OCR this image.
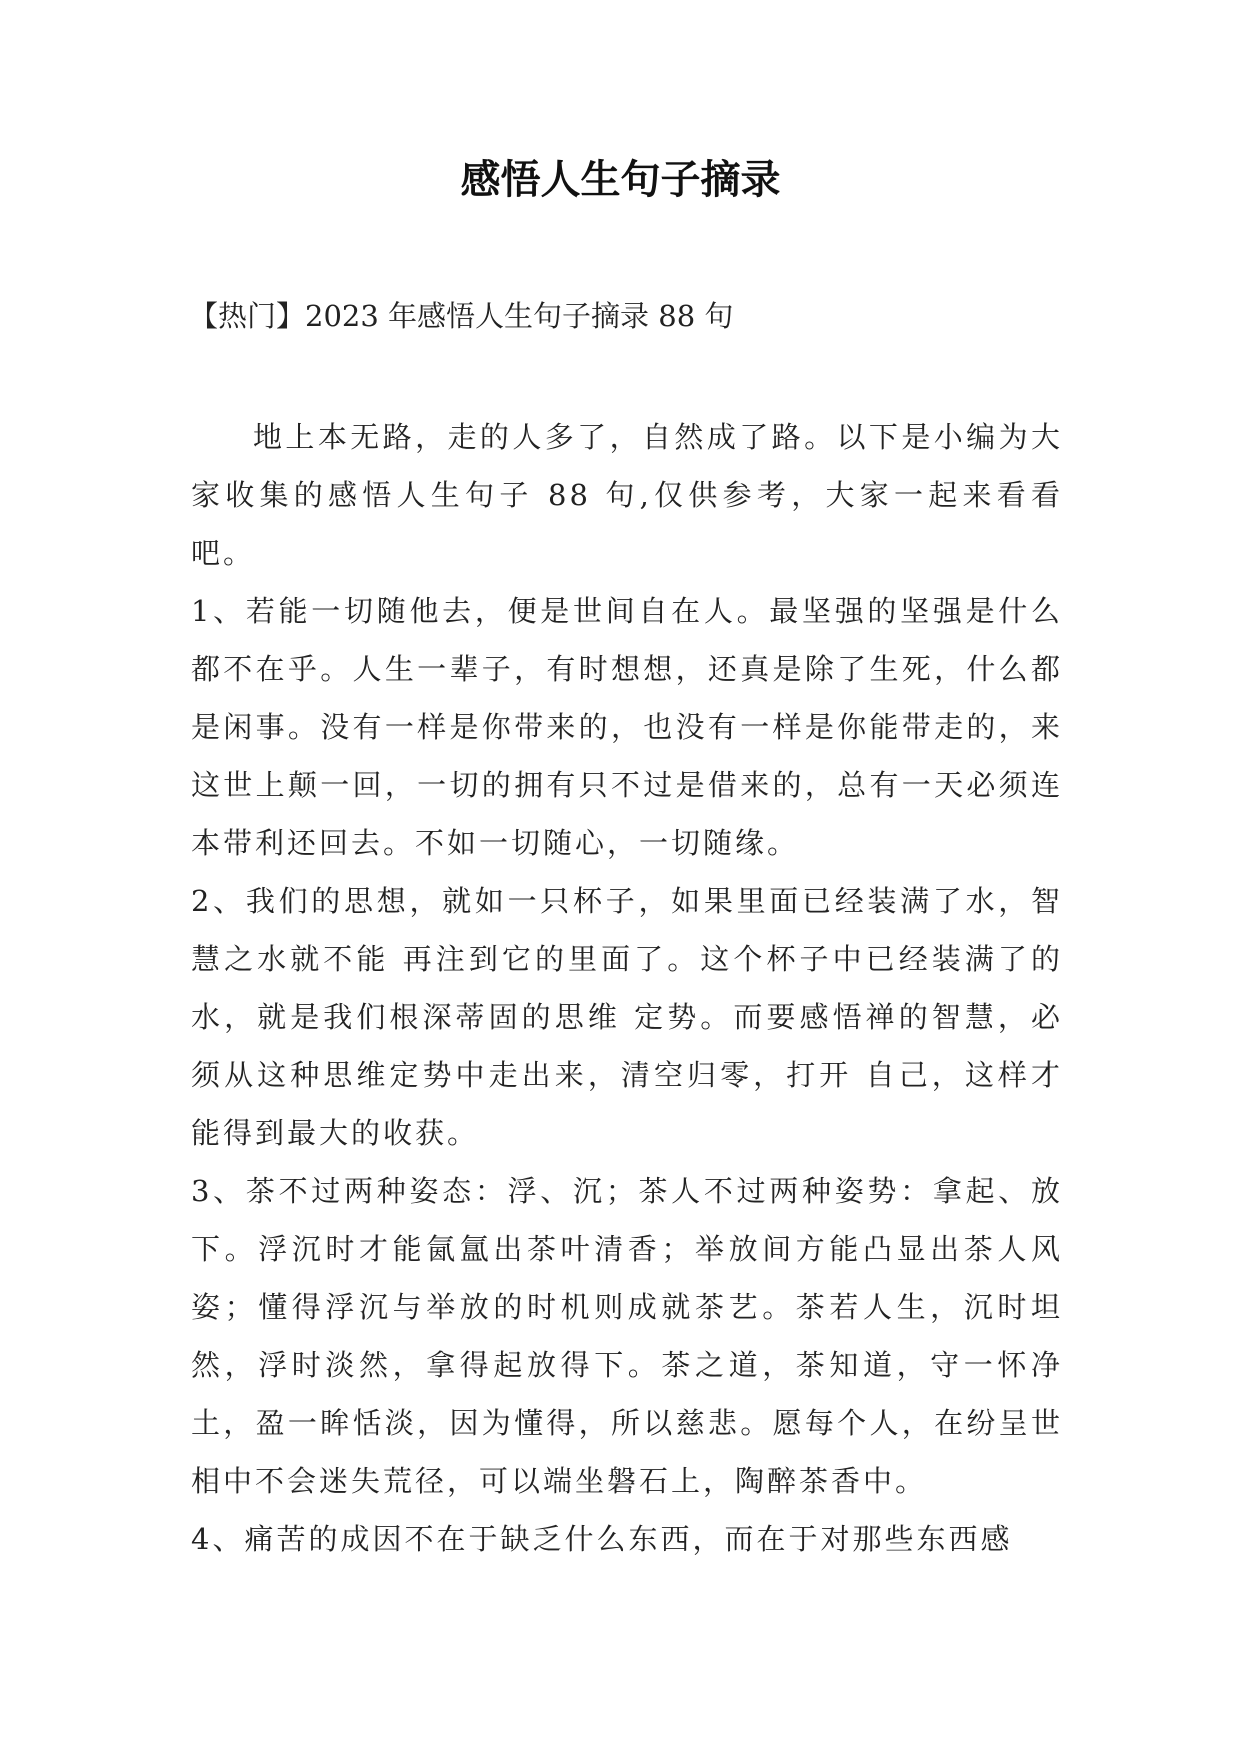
感悟人生句子摘录
【热门】2023 年感悟人生句子摘录 88 句

地上本无路，走的人多了，自然成了路。以下是小编为大家收集的感悟人生句子 88 句,仅供参考，大家一起来看看吧。

1、若能一切随他去，便是世间自在人。最坚强的坚强是什么都不在乎。人生一辈子，有时想想，还真是除了生死，什么都是闲事。没有一样是你带来的，也没有一样是你能带走的，来这世上颠一回，一切的拥有只不过是借来的，总有一天必须连本带利还回去。不如一切随心，一切随缘。

2、我们的思想，就如一只杯子，如果里面已经装满了水，智慧之水就不能 再注到它的里面了。这个杯子中已经装满了的水，就是我们根深蒂固的思维 定势。而要感悟禅的智慧，必须从这种思维定势中走出来，清空归零，打开 自己，这样才能得到最大的收获。

3、茶不过两种姿态：浮、沉；茶人不过两种姿势：拿起、放下。浮沉时才能氤氲出茶叶清香；举放间方能凸显出茶人风姿；懂得浮沉与举放的时机则成就茶艺。茶若人生，沉时坦然，浮时淡然，拿得起放得下。茶之道，茶知道，守一怀净土，盈一眸恬淡，因为懂得，所以慈悲。愿每个人，在纷呈世相中不会迷失荒径，可以端坐磐石上，陶醉茶香中。

4、痛苦的成因不在于缺乏什么东西，而在于对那些东西感
